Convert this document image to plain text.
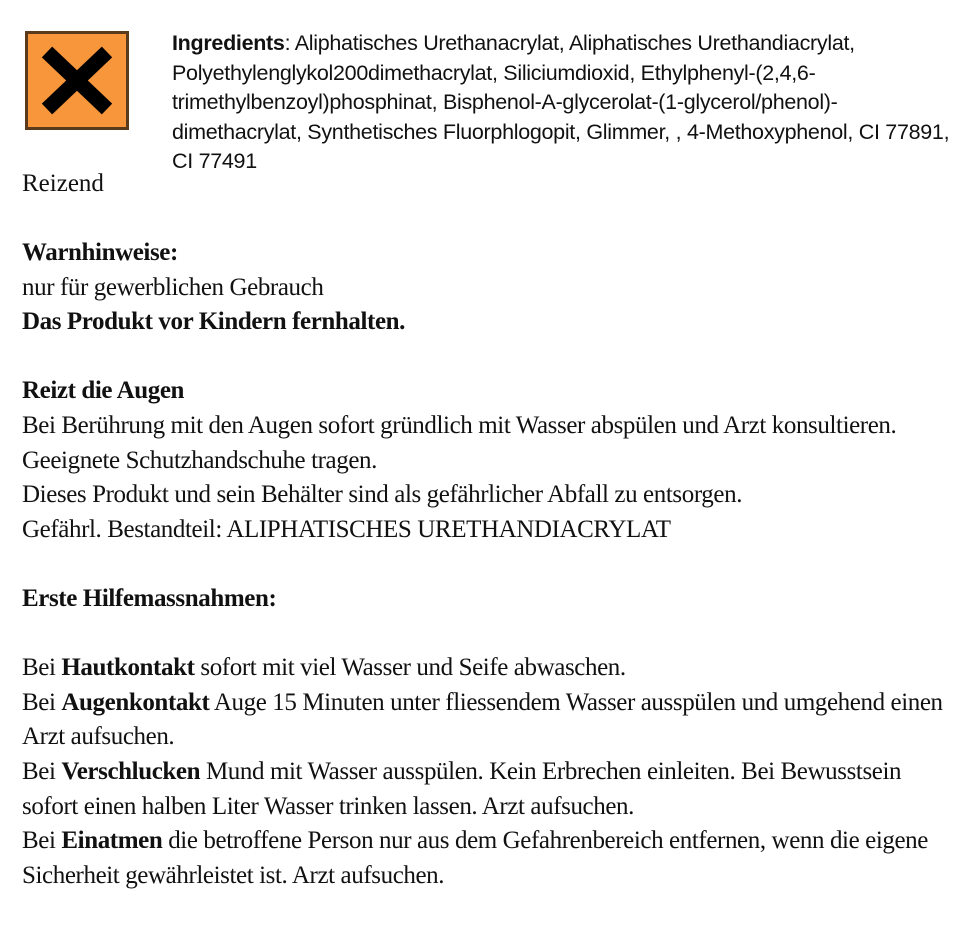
Ingredients: Aliphatisches Urethanacrylat, Aliphatisches Urethandiacrylat, Polyethylenglykol200dimethacrylat, Siliciumdioxid, Ethylphenyl-(2,4,6-trimethylbenzoyl)phosphinat, Bisphenol-A-glycerolat-(1-glycerol/phenol)-dimethacrylat, Synthetisches Fluorphlogopit, Glimmer, , 4-Methoxyphenol, CI 77891, CI 77491

Reizend

Warnhinweise:

nur für gewerblichen Gebrauch

Das Produkt vor Kindern fernhalten.

Reizt die Augen

Bei Berührung mit den Augen sofort gründlich mit Wasser abspülen und Arzt konsultieren.

Geeignete Schutzhandschuhe tragen.

Dieses Produkt und sein Behälter sind als gefährlicher Abfall zu entsorgen.

Gefährl. Bestandteil: ALIPHATISCHES URETHANDIACRYLAT

Erste Hilfemassnahmen:

Bei Hautkontakt sofort mit viel Wasser und Seife abwaschen.

Bei Augenkontakt Auge 15 Minuten unter fliessendem Wasser ausspülen und umgehend einen Arzt aufsuchen.

Bei Verschlucken Mund mit Wasser ausspülen. Kein Erbrechen einleiten. Bei Bewusstsein sofort einen halben Liter Wasser trinken lassen. Arzt aufsuchen.

Bei Einatmen die betroffene Person nur aus dem Gefahrenbereich entfernen, wenn die eigene Sicherheit gewährleistet ist. Arzt aufsuchen.
